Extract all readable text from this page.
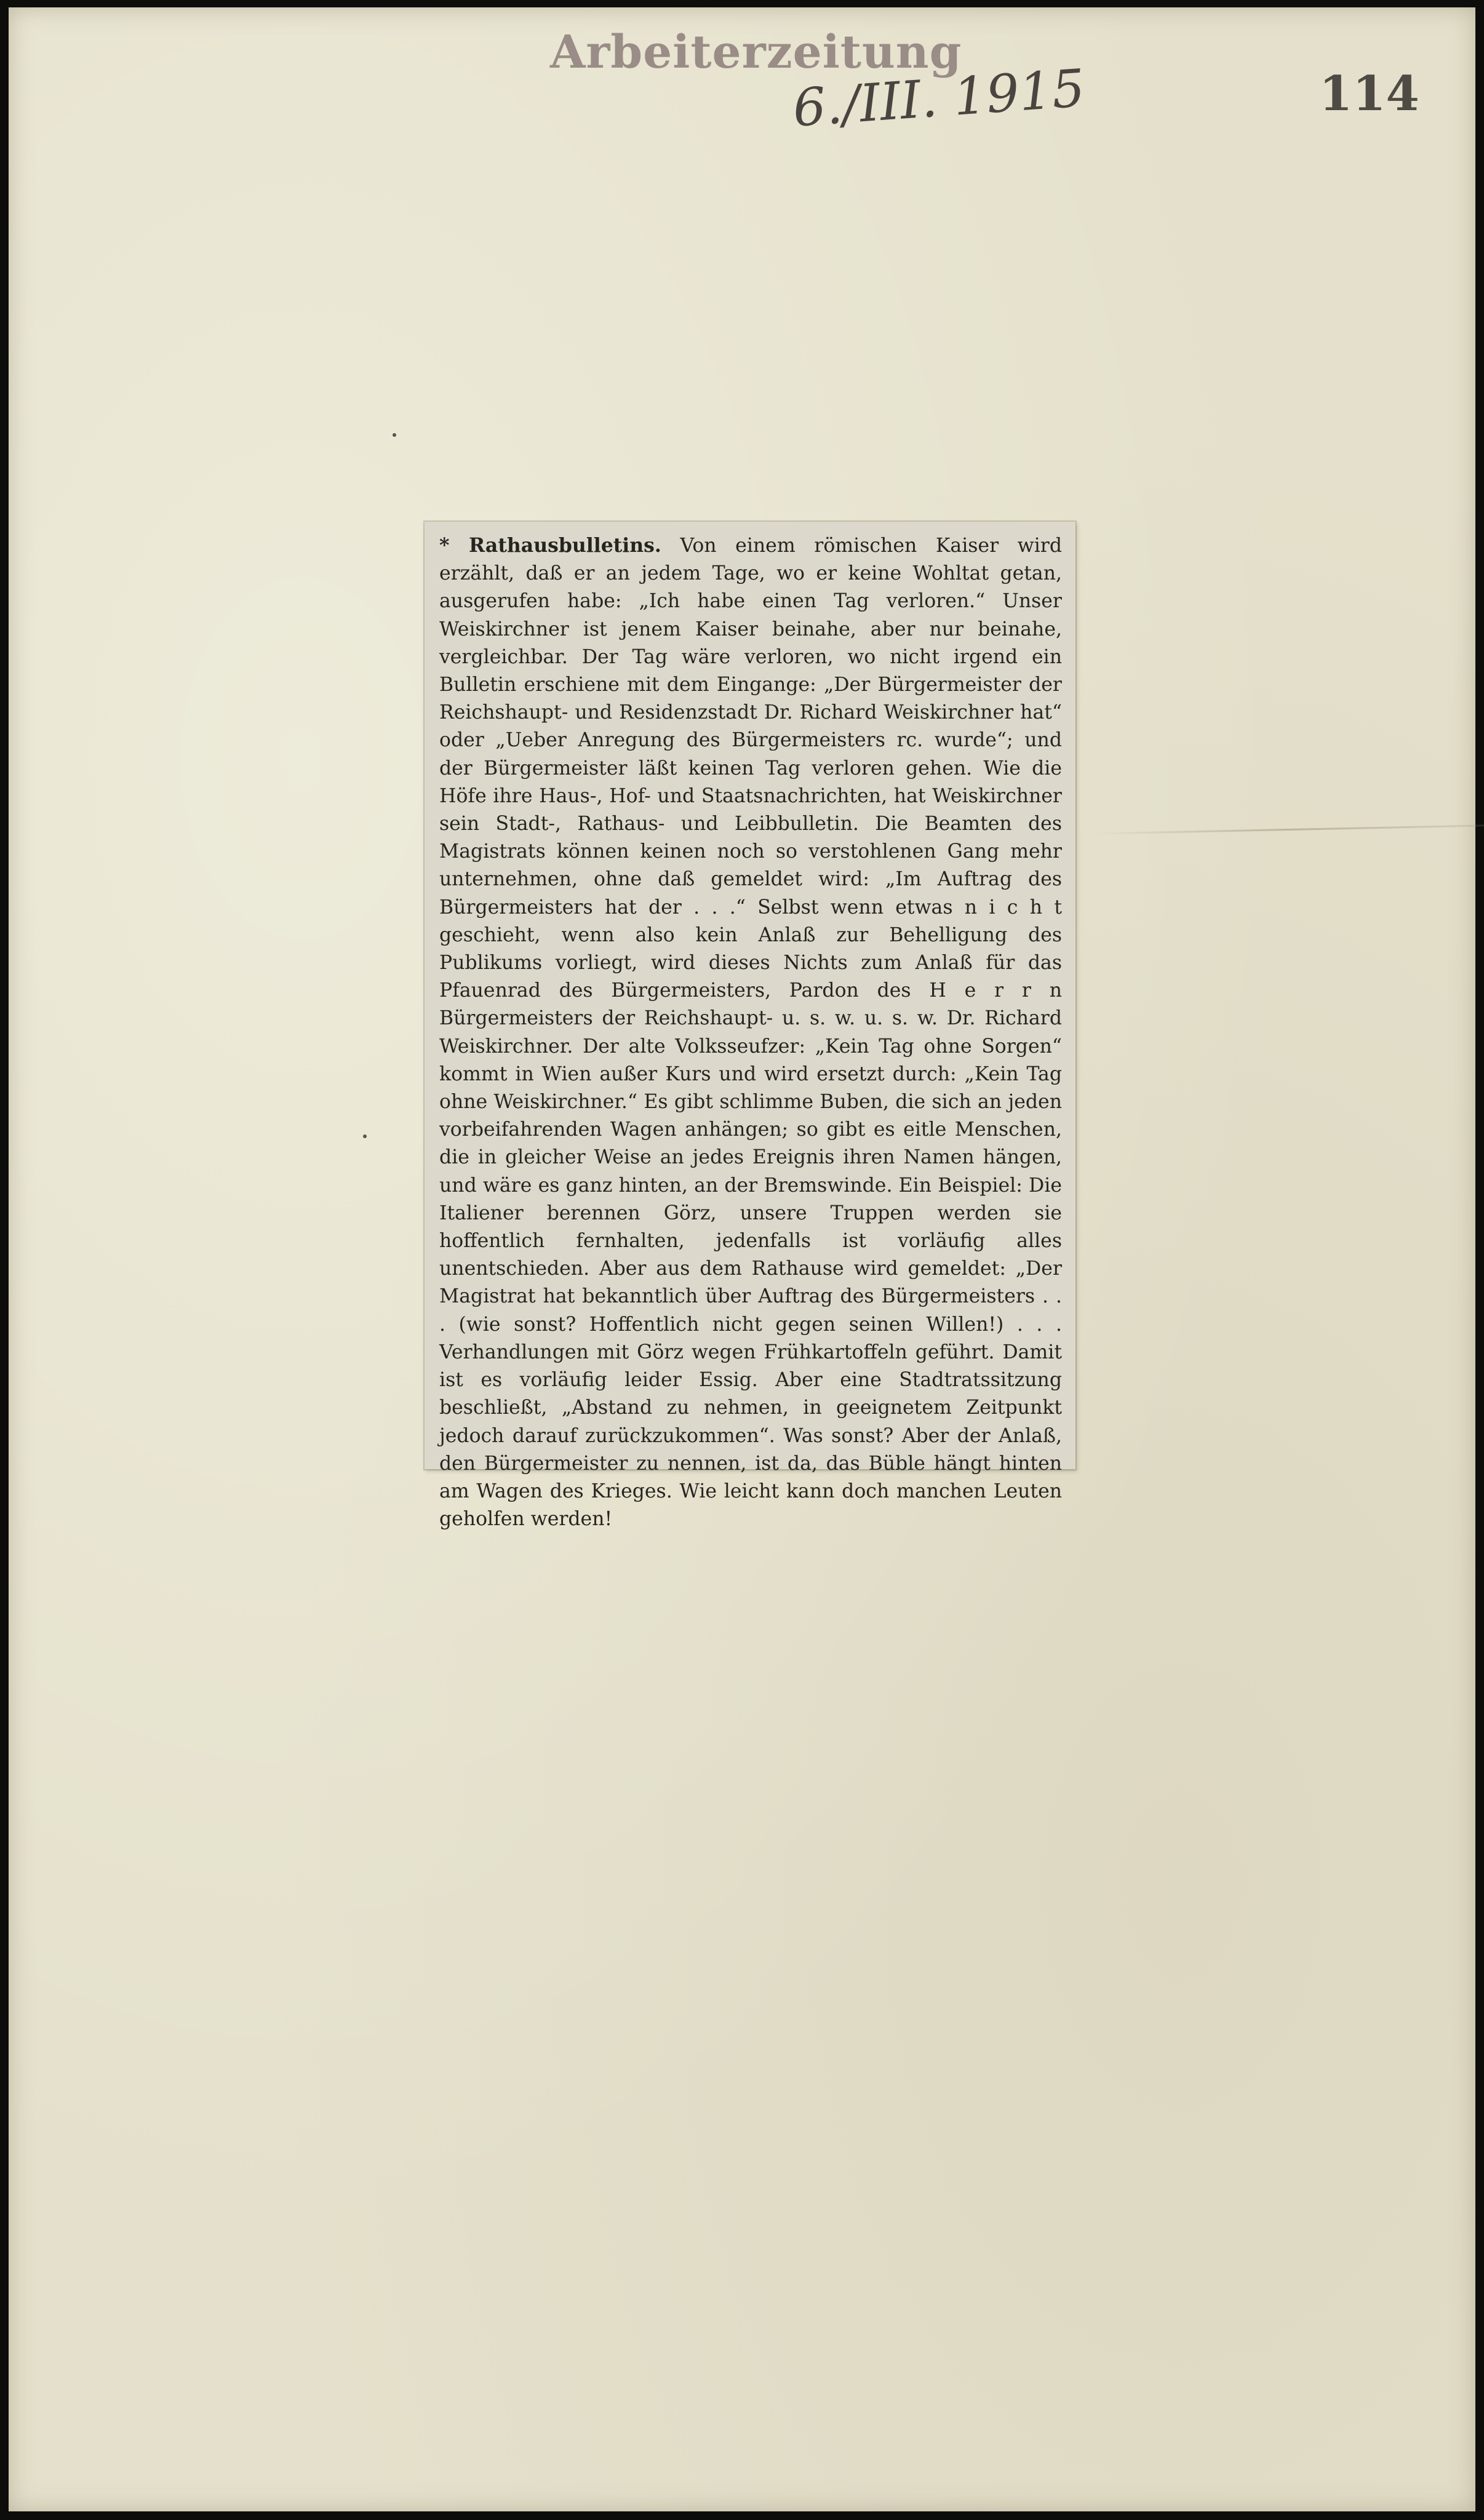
Arbeiterzeitung
6./III. 1915	114

* Rathausbulletins. Von einem römischen Kaiser wird erzählt, daß er an jedem Tage, wo er keine Wohltat getan, ausgerufen habe: „Ich habe einen Tag verloren.“ Unser Weiskirchner ist jenem Kaiser beinahe, aber nur beinahe, vergleichbar. Der Tag wäre verloren, wo nicht irgend ein Bulletin erschiene mit dem Eingange: „Der Bürgermeister der Reichshaupt- und Residenzstadt Dr. Richard Weiskirchner hat“ oder „Ueber Anregung des Bürgermeisters rc. wurde“; und der Bürgermeister läßt keinen Tag verloren gehen. Wie die Höfe ihre Haus-, Hof- und Staatsnachrichten, hat Weiskirchner sein Stadt-, Rathaus- und Leibbulletin. Die Beamten des Magistrats können keinen noch so verstohlenen Gang mehr unternehmen, ohne daß gemeldet wird: „Im Auftrag des Bürgermeisters hat der . . .“ Selbst wenn etwas n i c h t geschieht, wenn also kein Anlaß zur Behelligung des Publikums vorliegt, wird dieses Nichts zum Anlaß für das Pfauenrad des Bürgermeisters, Pardon des H e r r n Bürgermeisters der Reichshaupt- u. s. w. u. s. w. Dr. Richard Weiskirchner. Der alte Volksseufzer: „Kein Tag ohne Sorgen“ kommt in Wien außer Kurs und wird ersetzt durch: „Kein Tag ohne Weiskirchner.“ Es gibt schlimme Buben, die sich an jeden vorbeifahrenden Wagen anhängen; so gibt es eitle Menschen, die in gleicher Weise an jedes Ereignis ihren Namen hängen, und wäre es ganz hinten, an der Bremswinde. Ein Beispiel: Die Italiener berennen Görz, unsere Truppen werden sie hoffentlich fernhalten, jedenfalls ist vorläufig alles unentschieden. Aber aus dem Rathause wird gemeldet: „Der Magistrat hat bekanntlich über Auftrag des Bürgermeisters . . . (wie sonst? Hoffentlich nicht gegen seinen Willen!) . . . Verhandlungen mit Görz wegen Frühkartoffeln geführt. Damit ist es vorläufig leider Essig. Aber eine Stadtratssitzung beschließt, „Abstand zu nehmen, in geeignetem Zeitpunkt jedoch darauf zurückzukommen“. Was sonst? Aber der Anlaß, den Bürgermeister zu nennen, ist da, das Büble hängt hinten am Wagen des Krieges. Wie leicht kann doch manchen Leuten geholfen werden!
